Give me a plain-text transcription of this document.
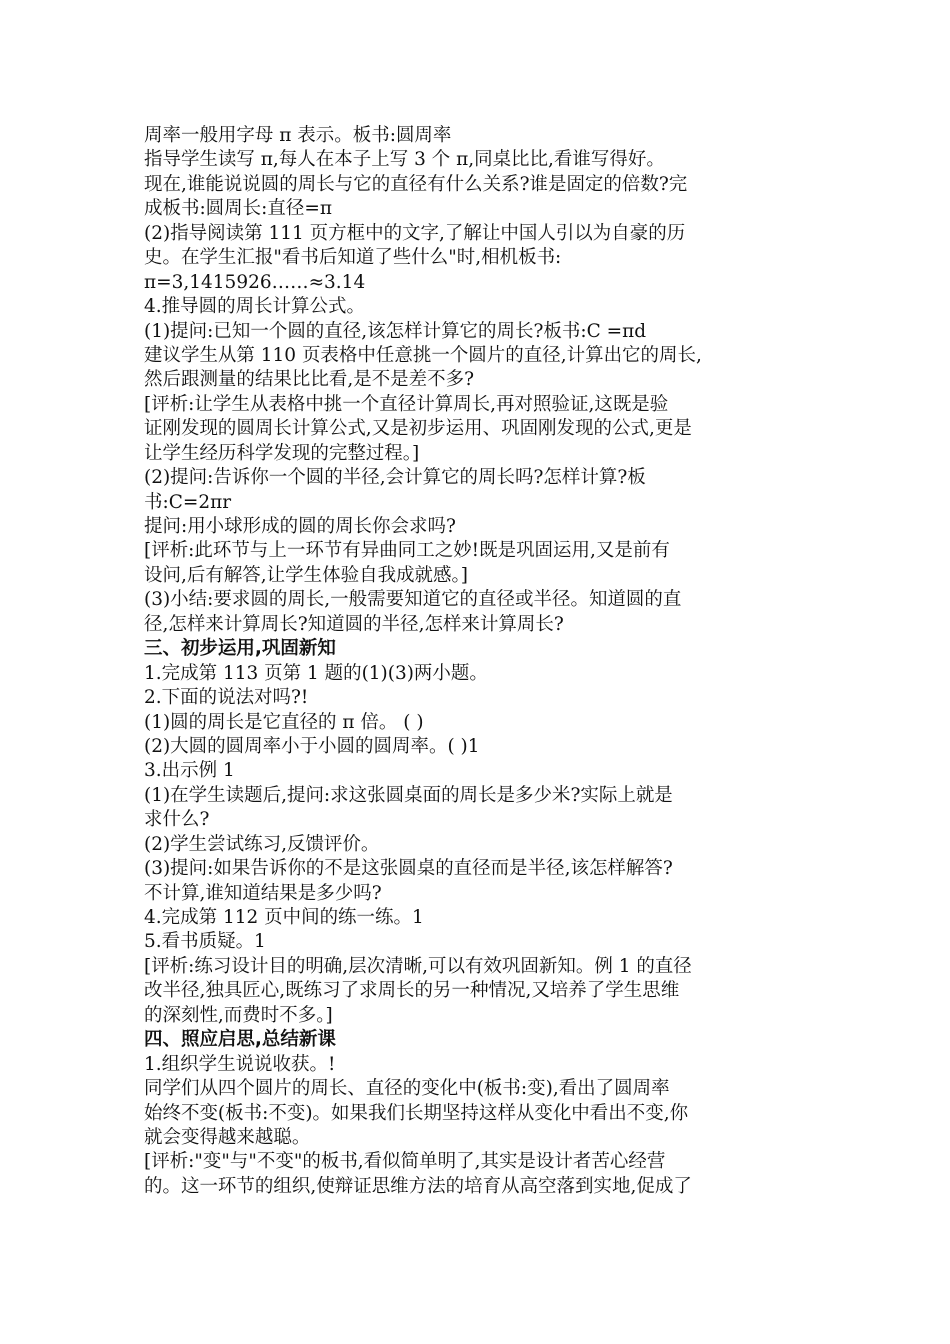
周率一般用字母 π 表示。板书:圆周率
指导学生读写 π,每人在本子上写 3 个 π,同桌比比,看谁写得好。
现在,谁能说说圆的周长与它的直径有什么关系?谁是固定的倍数?完
成板书:圆周长:直径=π
(2)指导阅读第 111 页方框中的文字,了解让中国人引以为自豪的历
史。在学生汇报"看书后知道了些什么"时,相机板书:
π=3,1415926……≈3.14
4.推导圆的周长计算公式。
(1)提问:已知一个圆的直径,该怎样计算它的周长?板书:C =πd
建议学生从第 110 页表格中任意挑一个圆片的直径,计算出它的周长,
然后跟测量的结果比比看,是不是差不多?
[评析:让学生从表格中挑一个直径计算周长,再对照验证,这既是验
证刚发现的圆周长计算公式,又是初步运用、巩固刚发现的公式,更是
让学生经历科学发现的完整过程。]
(2)提问:告诉你一个圆的半径,会计算它的周长吗?怎样计算?板
书:C=2πr
提问:用小球形成的圆的周长你会求吗?
[评析:此环节与上一环节有异曲同工之妙!既是巩固运用,又是前有
设问,后有解答,让学生体验自我成就感。]
(3)小结:要求圆的周长,一般需要知道它的直径或半径。知道圆的直
径,怎样来计算周长?知道圆的半径,怎样来计算周长?
三、初步运用,巩固新知
1.完成第 113 页第 1 题的(1)(3)两小题。
2.下面的说法对吗?!
(1)圆的周长是它直径的 π 倍。 ( )
(2)大圆的圆周率小于小圆的圆周率。( )1
3.出示例 1
(1)在学生读题后,提问:求这张圆桌面的周长是多少米?实际上就是
求什么?
(2)学生尝试练习,反馈评价。
(3)提问:如果告诉你的不是这张圆桌的直径而是半径,该怎样解答?
不计算,谁知道结果是多少吗?
4.完成第 112 页中间的练一练。1
5.看书质疑。1
[评析:练习设计目的明确,层次清晰,可以有效巩固新知。例 1 的直径
改半径,独具匠心,既练习了求周长的另一种情况,又培养了学生思维
的深刻性,而费时不多。]
四、照应启思,总结新课
1.组织学生说说收获。!
同学们从四个圆片的周长、直径的变化中(板书:变),看出了圆周率
始终不变(板书:不变)。如果我们长期坚持这样从变化中看出不变,你
就会变得越来越聪。
[评析:"变"与"不变"的板书,看似简单明了,其实是设计者苦心经营
的。这一环节的组织,使辩证思维方法的培育从高空落到实地,促成了
